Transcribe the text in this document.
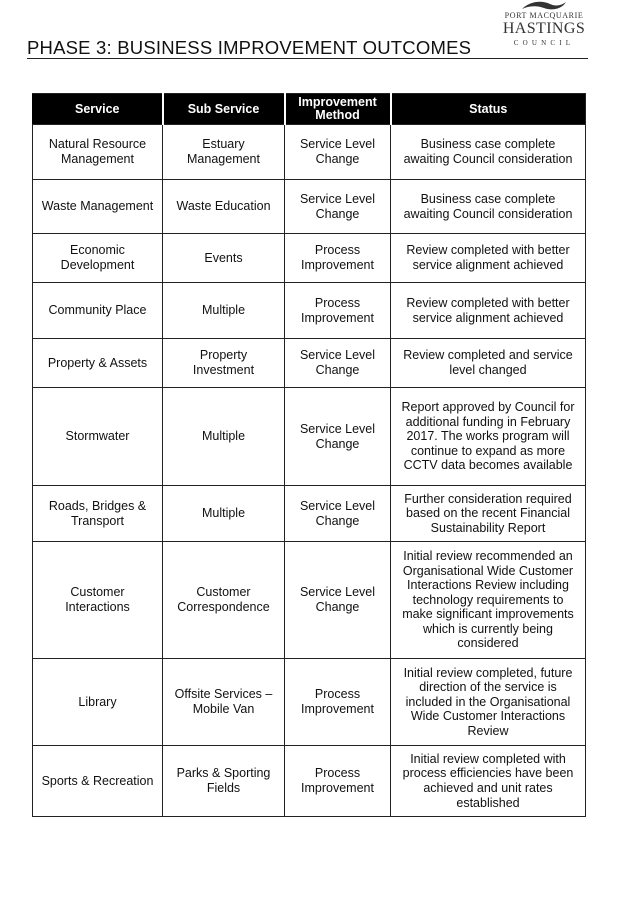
PHASE 3: BUSINESS IMPROVEMENT OUTCOMES
PORT MACQUARIE
HASTINGS
COUNCIL
Service	Sub Service	Improvement Method	Status
Natural Resource Management	Estuary Management	Service Level Change	Business case complete awaiting Council consideration
Waste Management	Waste Education	Service Level Change	Business case complete awaiting Council consideration
Economic Development	Events	Process Improvement	Review completed with better service alignment achieved
Community Place	Multiple	Process Improvement	Review completed with better service alignment achieved
Property & Assets	Property Investment	Service Level Change	Review completed and service level changed
Stormwater	Multiple	Service Level Change	Report approved by Council for additional funding in February 2017. The works program will continue to expand as more CCTV data becomes available
Roads, Bridges & Transport	Multiple	Service Level Change	Further consideration required based on the recent Financial Sustainability Report
Customer Interactions	Customer Correspondence	Service Level Change	Initial review recommended an Organisational Wide Customer Interactions Review including technology requirements to make significant improvements which is currently being considered
Library	Offsite Services – Mobile Van	Process Improvement	Initial review completed, future direction of the service is included in the Organisational Wide Customer Interactions Review
Sports & Recreation	Parks & Sporting Fields	Process Improvement	Initial review completed with process efficiencies have been achieved and unit rates established
